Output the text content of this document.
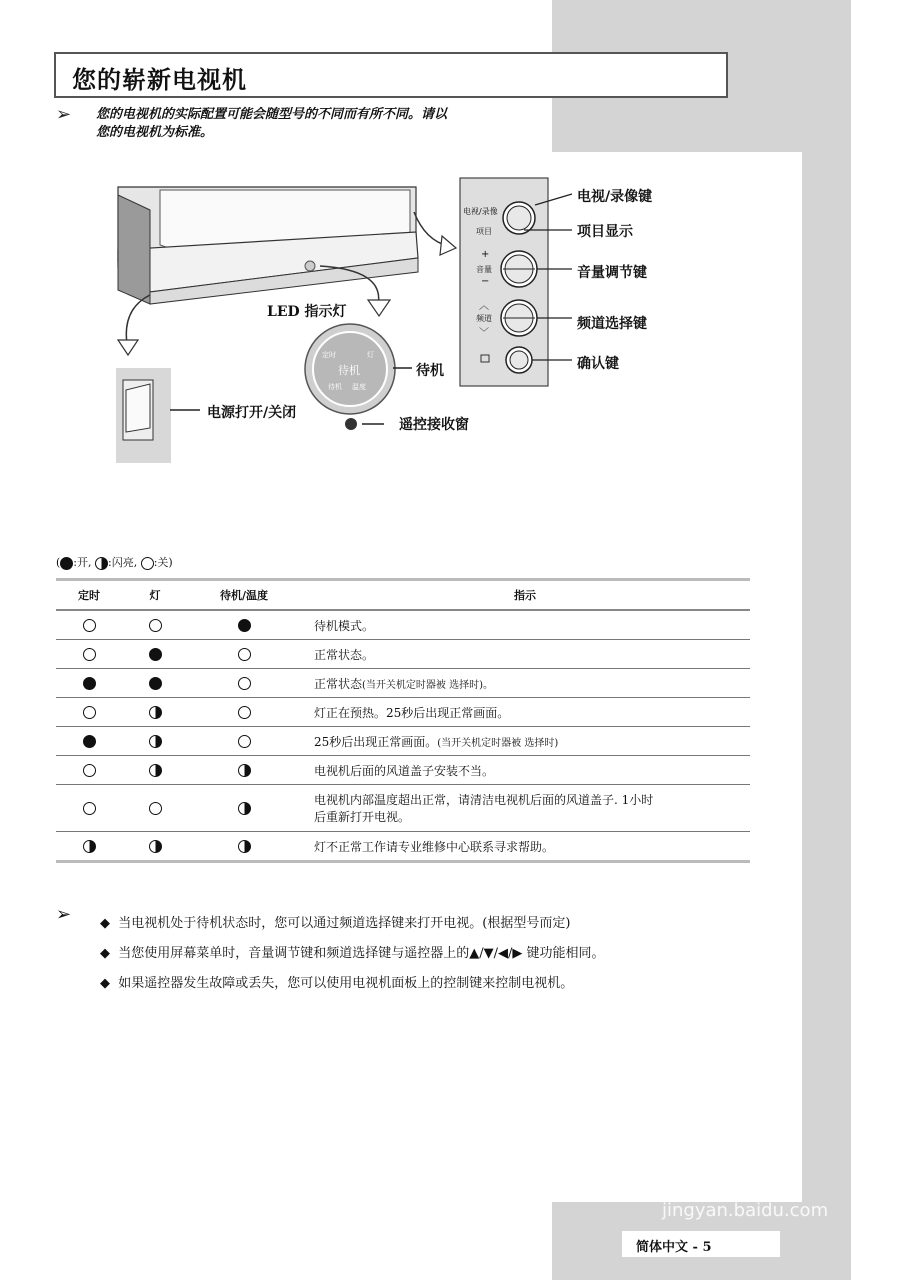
您的崭新电视机
➢ 您的电视机的实际配置可能会随型号的不同而有所不同。请以
您的电视机为标准。
电视/录像
项目
+
音量
−
︿
频道
﹀
定时	灯
待机
待机 温度
LED 指示灯
待机
电源打开/关闭
遥控接收窗
电视/录像键
项目显示
音量调节键
频道选择键
确认键
( :开, :闪亮, :关)
定时	灯	待机/温度	指示
			待机模式。
			正常状态。
			正常状态(当开关机定时器被 选择时)。
			灯正在预热。25秒后出现正常画面。
			25秒后出现正常画面。(当开关机定时器被 选择时)
			电视机后面的风道盖子安装不当。
			电视机内部温度超出正常，请清洁电视机后面的风道盖子. 1小时
后重新打开电视。
			灯不正常工作请专业维修中心联系寻求帮助。
➢ ◆ 当电视机处于待机状态时，您可以通过频道选择键来打开电视。(根据型号而定)
◆ 当您使用屏幕菜单时，音量调节键和频道选择键与遥控器上的▲/▼/◀/▶ 键功能相同。
◆ 如果遥控器发生故障或丢失，您可以使用电视机面板上的控制键来控制电视机。
Bai经验
jingyan.baidu.com
简体中文 - 5
